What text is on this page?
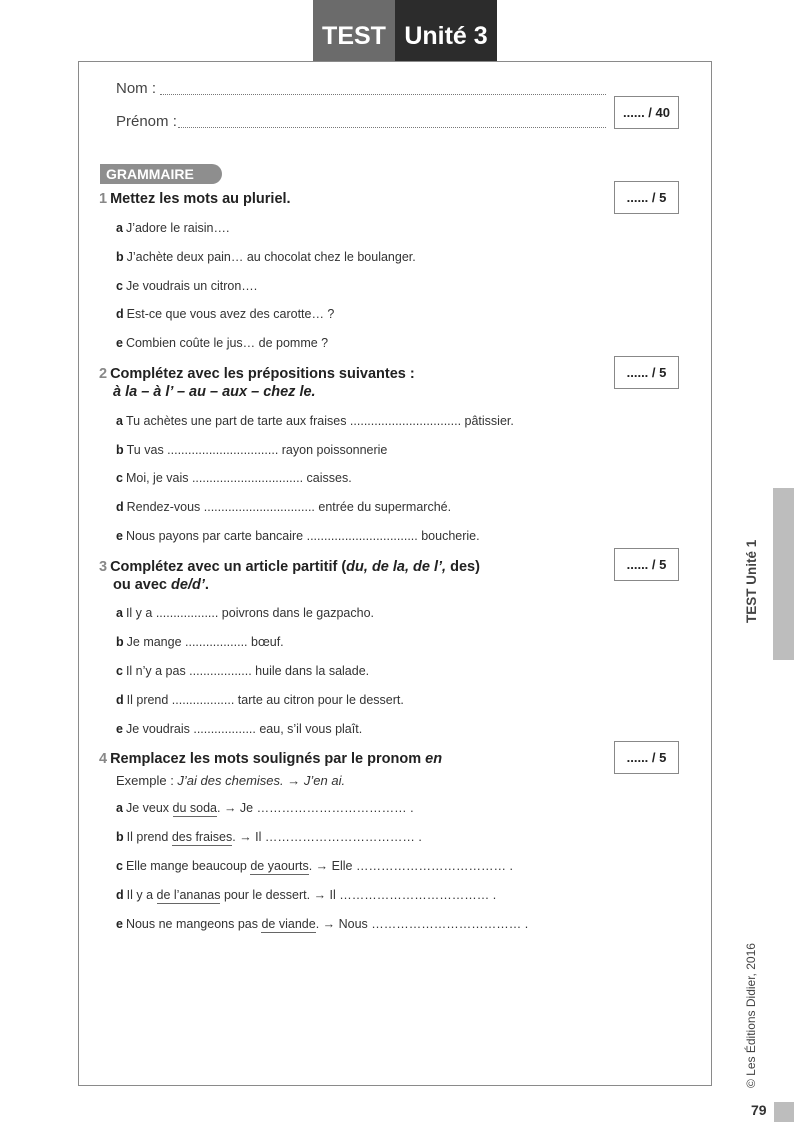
TEST Unité 3
Nom :
Prénom :
...... / 40
GRAMMAIRE
1 Mettez les mots au pluriel.	...... / 5
a J’adore le raisin….
b J’achète deux pain… au chocolat chez le boulanger.
c Je voudrais un citron….
d Est-ce que vous avez des carotte… ?
e Combien coûte le jus… de pomme ?
2 Complétez avec les prépositions suivantes :
à la – à l’ – au – aux – chez le.
...... / 5
a Tu achètes une part de tarte aux fraises ................................ pâtissier.
b Tu vas ................................ rayon poissonnerie
c Moi, je vais ................................ caisses.
d Rendez-vous ................................ entrée du supermarché.
e Nous payons par carte bancaire ................................ boucherie.
3 Complétez avec un article partitif (du, de la, de l’, des)
ou avec de/d’.
...... / 5
a Il y a .................. poivrons dans le gazpacho.
b Je mange .................. bœuf.
c Il n’y a pas .................. huile dans la salade.
d Il prend .................. tarte au citron pour le dessert.
e Je voudrais .................. eau, s’il vous plaît.
4 Remplacez les mots soulignés par le pronom en	...... / 5
Exemple : J’ai des chemises. → J’en ai.
a Je veux du soda. → Je ……………………………… .
b Il prend des fraises. → Il ……………………………… .
c Elle mange beaucoup de yaourts. → Elle ……………………………… .
d Il y a de l’ananas pour le dessert. → Il ……………………………… .
e Nous ne mangeons pas de viande. → Nous ……………………………… .
TEST Unité 1
© Les Éditions Didier, 2016
79
